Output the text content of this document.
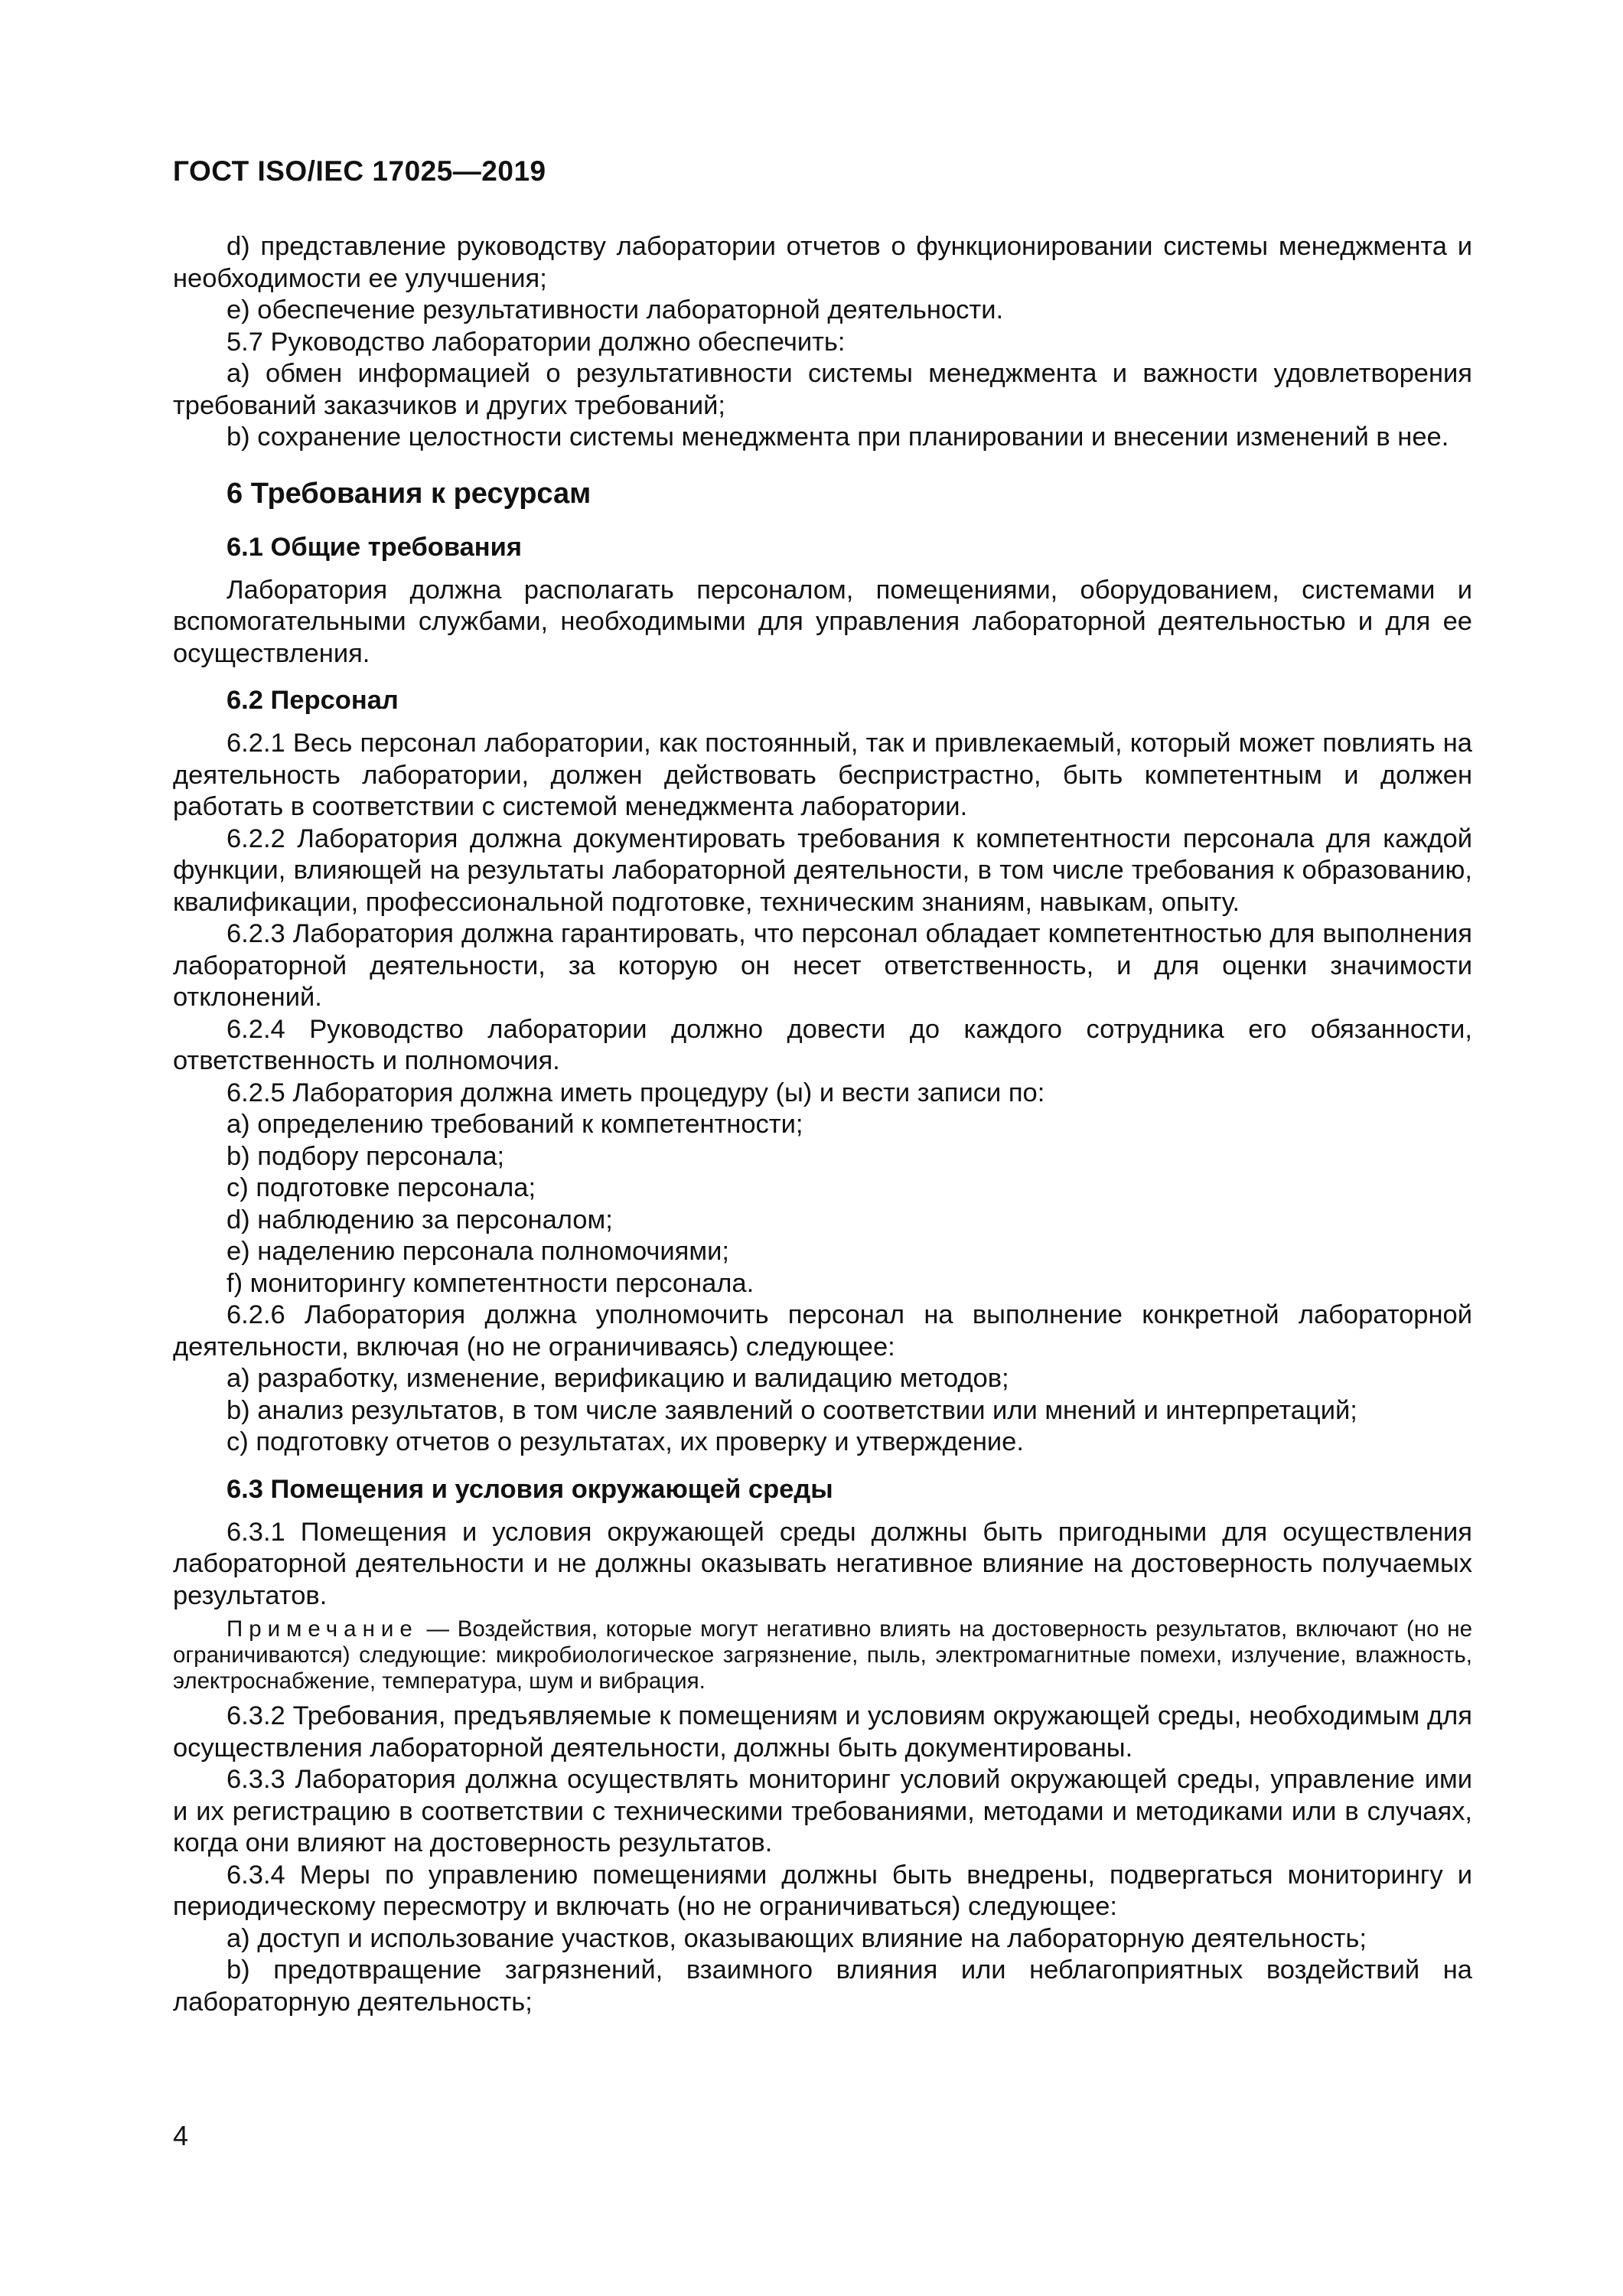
ГОСТ ISO/IEC 17025—2019

d) представление руководству лаборатории отчетов о функционировании системы менеджмента и необходимости ее улучшения;

e) обеспечение результативности лабораторной деятельности.

5.7 Руководство лаборатории должно обеспечить:

a) обмен информацией о результативности системы менеджмента и важности удовлетворения требований заказчиков и других требований;

b) сохранение целостности системы менеджмента при планировании и внесении изменений в нее.

6 Требования к ресурсам
6.1 Общие требования

Лаборатория должна располагать персоналом, помещениями, оборудованием, системами и вспомогательными службами, необходимыми для управления лабораторной деятельностью и для ее осуществления.

6.2 Персонал

6.2.1 Весь персонал лаборатории, как постоянный, так и привлекаемый, который может повлиять на деятельность лаборатории, должен действовать беспристрастно, быть компетентным и должен работать в соответствии с системой менеджмента лаборатории.

6.2.2 Лаборатория должна документировать требования к компетентности персонала для каждой функции, влияющей на результаты лабораторной деятельности, в том числе требования к образованию, квалификации, профессиональной подготовке, техническим знаниям, навыкам, опыту.

6.2.3 Лаборатория должна гарантировать, что персонал обладает компетентностью для выполнения лабораторной деятельности, за которую он несет ответственность, и для оценки значимости отклонений.

6.2.4 Руководство лаборатории должно довести до каждого сотрудника его обязанности, ответственность и полномочия.

6.2.5 Лаборатория должна иметь процедуру (ы) и вести записи по:

a) определению требований к компетентности;

b) подбору персонала;

c) подготовке персонала;

d) наблюдению за персоналом;

e) наделению персонала полномочиями;

f) мониторингу компетентности персонала.

6.2.6 Лаборатория должна уполномочить персонал на выполнение конкретной лабораторной деятельности, включая (но не ограничиваясь) следующее:

a) разработку, изменение, верификацию и валидацию методов;

b) анализ результатов, в том числе заявлений о соответствии или мнений и интерпретаций;

c) подготовку отчетов о результатах, их проверку и утверждение.

6.3 Помещения и условия окружающей среды

6.3.1 Помещения и условия окружающей среды должны быть пригодными для осуществления лабораторной деятельности и не должны оказывать негативное влияние на достоверность получаемых результатов.

Примечание — Воздействия, которые могут негативно влиять на достоверность результатов, включают (но не ограничиваются) следующие: микробиологическое загрязнение, пыль, электромагнитные помехи, излучение, влажность, электроснабжение, температура, шум и вибрация.

6.3.2 Требования, предъявляемые к помещениям и условиям окружающей среды, необходимым для осуществления лабораторной деятельности, должны быть документированы.

6.3.3 Лаборатория должна осуществлять мониторинг условий окружающей среды, управление ими и их регистрацию в соответствии с техническими требованиями, методами и методиками или в случаях, когда они влияют на достоверность результатов.

6.3.4 Меры по управлению помещениями должны быть внедрены, подвергаться мониторингу и периодическому пересмотру и включать (но не ограничиваться) следующее:

a) доступ и использование участков, оказывающих влияние на лабораторную деятельность;

b) предотвращение загрязнений, взаимного влияния или неблагоприятных воздействий на лабораторную деятельность;

4
